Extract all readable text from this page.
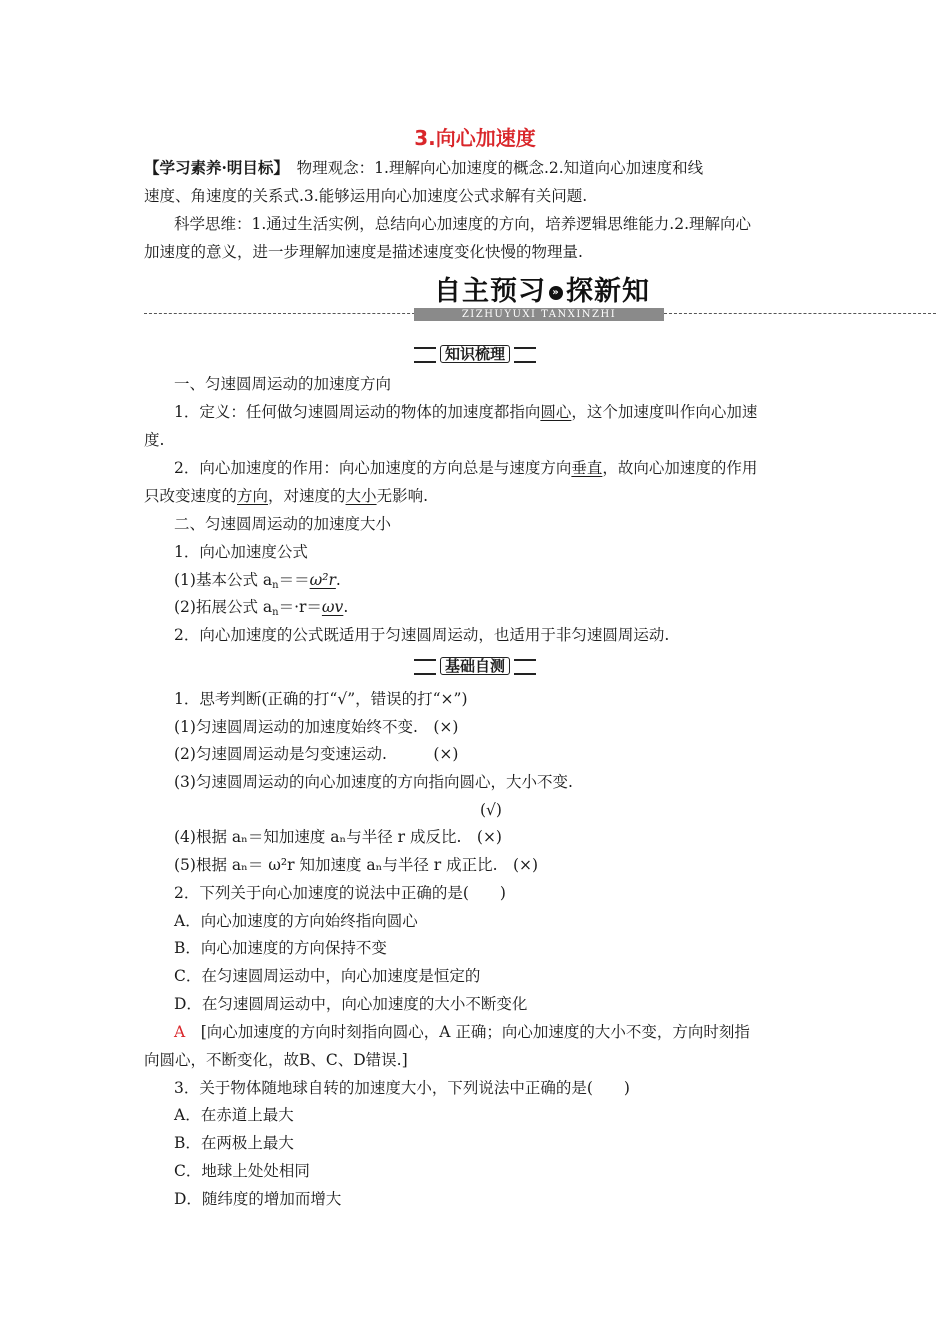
3.向心加速度
【学习素养·明目标】　物理观念：1.理解向心加速度的概念.2.知道向心加速度和线
速度、角速度的关系式.3.能够运用向心加速度公式求解有关问题.
科学思维：1.通过生活实例，总结向心加速度的方向，培养逻辑思维能力.2.理解向心
加速度的意义，进一步理解加速度是描述速度变化快慢的物理量.
自主预习 » 探新知
ZIZHUYUXI TANXINZHI
知识梳理
一、匀速圆周运动的加速度方向
1．定义：任何做匀速圆周运动的物体的加速度都指向圆心，这个加速度叫作向心加速
度.
2．向心加速度的作用：向心加速度的方向总是与速度方向垂直，故向心加速度的作用
只改变速度的方向，对速度的大小无影响.
二、匀速圆周运动的加速度大小
1．向心加速度公式
(1)基本公式 an＝＝ω²r.
(2)拓展公式 an＝·r＝ωv.
2．向心加速度的公式既适用于匀速圆周运动，也适用于非匀速圆周运动.
基础自测
1．思考判断(正确的打“√”，错误的打“×”)
(1)匀速圆周运动的加速度始终不变.　(×)
(2)匀速圆周运动是匀变速运动.　　　(×)
(3)匀速圆周运动的向心加速度的方向指向圆心，大小不变.
(√)
(4)根据 aₙ＝知加速度 aₙ与半径 r 成反比.　(×)
(5)根据 aₙ＝ ω²r 知加速度 aₙ与半径 r 成正比.　(×)
2．下列关于向心加速度的说法中正确的是(　　)
A．向心加速度的方向始终指向圆心
B．向心加速度的方向保持不变
C．在匀速圆周运动中，向心加速度是恒定的
D．在匀速圆周运动中，向心加速度的大小不断变化
A　[向心加速度的方向时刻指向圆心，A 正确；向心加速度的大小不变，方向时刻指
向圆心，不断变化，故B、C、D错误.]
3．关于物体随地球自转的加速度大小，下列说法中正确的是(　　)
A．在赤道上最大
B．在两极上最大
C．地球上处处相同
D．随纬度的增加而增大
